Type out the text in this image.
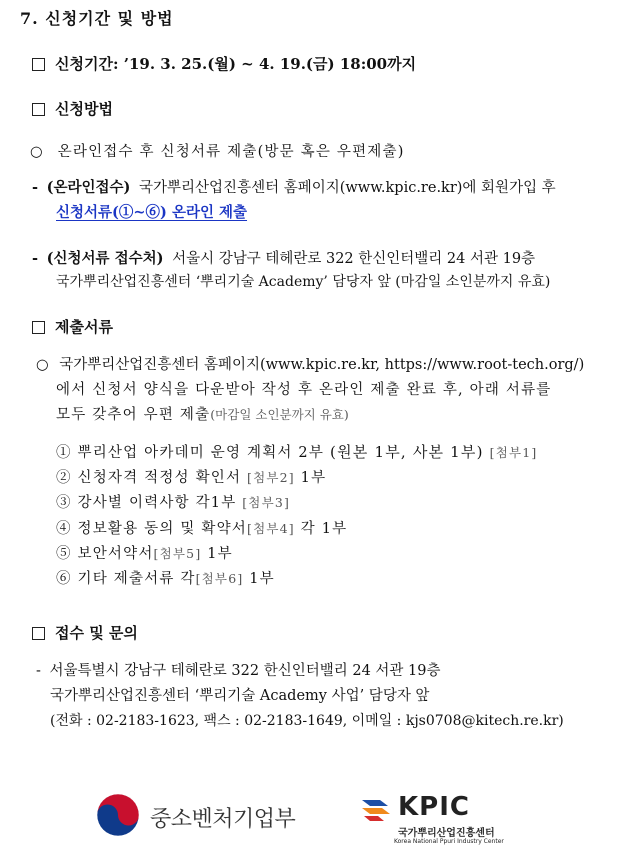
7. 신청기간 및 방법
신청기간: ’19. 3. 25.(월) ~ 4. 19.(금) 18:00까지
신청방법
○ 온라인접수 후 신청서류 제출(방문 혹은 우편제출)
- (온라인접수) 국가뿌리산업진흥센터 홈페이지(www.kpic.re.kr)에 회원가입 후
신청서류(①~⑥) 온라인 제출
- (신청서류 접수처) 서울시 강남구 테헤란로 322 한신인터밸리 24 서관 19층
국가뿌리산업진흥센터 ‘뿌리기술 Academy’ 담당자 앞 (마감일 소인분까지 유효)
제출서류
○ 국가뿌리산업진흥센터 홈페이지(www.kpic.re.kr, https://www.root-tech.org/)
에서 신청서 양식을 다운받아 작성 후 온라인 제출 완료 후, 아래 서류를
모두 갖추어 우편 제출(마감일 소인분까지 유효)
① 뿌리산업 아카데미 운영 계획서 2부 (원본 1부, 사본 1부) [첨부1]
② 신청자격 적정성 확인서 [첨부2] 1부
③ 강사별 이력사항 각1부 [첨부3]
④ 정보활용 동의 및 확약서[첨부4] 각 1부
⑤ 보안서약서[첨부5] 1부
⑥ 기타 제출서류 각[첨부6] 1부
접수 및 문의
- 서울특별시 강남구 테헤란로 322 한신인터밸리 24 서관 19층
국가뿌리산업진흥센터 ‘뿌리기술 Academy 사업’ 담당자 앞
(전화 : 02-2183-1623, 팩스 : 02-2183-1649, 이메일 : kjs0708@kitech.re.kr)
중소벤처기업부	KPIC
국가뿌리산업진흥센터
Korea National Ppuri Industry Center
